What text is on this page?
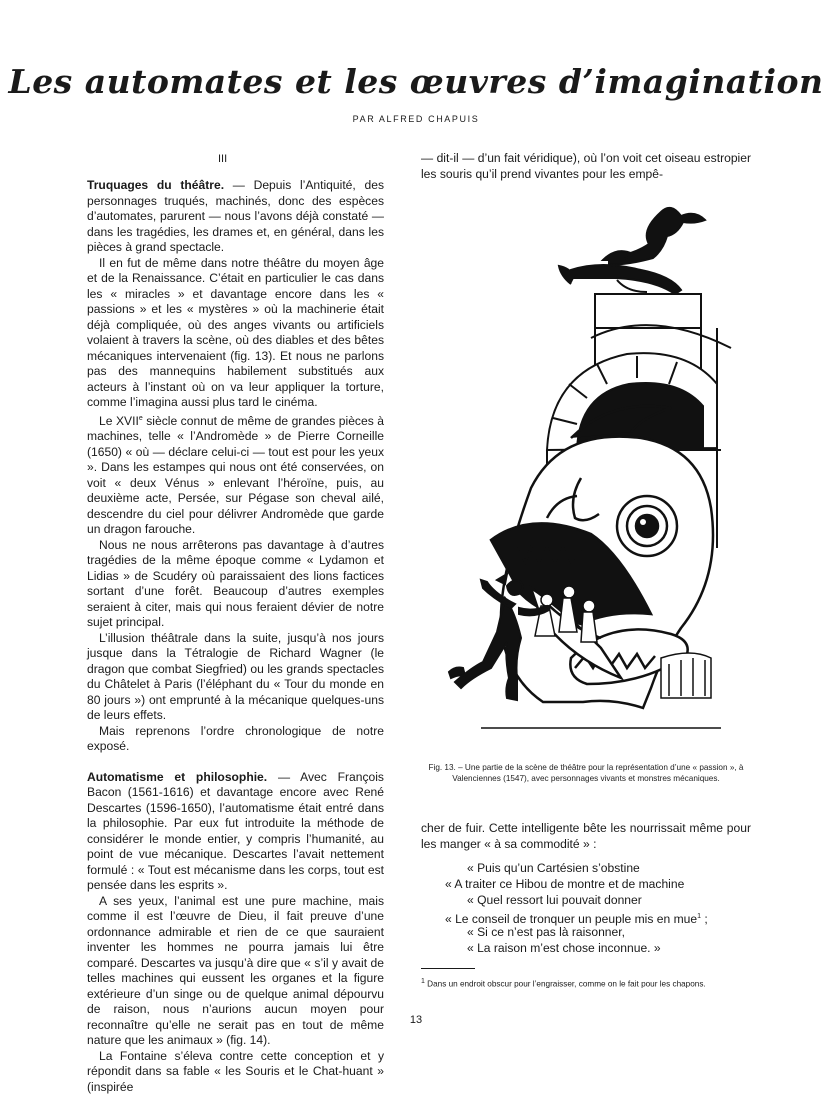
Les automates et les œuvres d’imagination
PAR ALFRED CHAPUIS
III

Truquages du théâtre. — Depuis l’Antiquité, des personnages truqués, machinés, donc des espèces d’automates, parurent — nous l’avons déjà constaté — dans les tragédies, les drames et, en général, dans les pièces à grand spectacle.

Il en fut de même dans notre théâtre du moyen âge et de la Renaissance. C’était en particulier le cas dans les « miracles » et davantage encore dans les « passions » et les « mystères » où la machinerie était déjà compliquée, où des anges vivants ou artificiels volaient à travers la scène, où des diables et des bêtes mécaniques intervenaient (fig. 13). Et nous ne parlons pas des mannequins habilement substitués aux acteurs à l’instant où on va leur appliquer la torture, comme l’imagina aussi plus tard le cinéma.

Le XVIIe siècle connut de même de grandes pièces à machines, telle « l’Andromède » de Pierre Corneille (1650) « où — déclare celui-ci — tout est pour les yeux ». Dans les estampes qui nous ont été conservées, on voit « deux Vénus » enlevant l’héroïne, puis, au deuxième acte, Persée, sur Pégase son cheval ailé, descendre du ciel pour délivrer Andromède que garde un dragon farouche.

Nous ne nous arrêterons pas davantage à d’autres tragédies de la même époque comme « Lydamon et Lidias » de Scudéry où paraissaient des lions factices sortant d’une forêt. Beaucoup d’autres exemples seraient à citer, mais qui nous feraient dévier de notre sujet principal.

L’illusion théâtrale dans la suite, jusqu’à nos jours jusque dans la Tétralogie de Richard Wagner (le dragon que combat Siegfried) ou les grands spectacles du Châtelet à Paris (l’éléphant du « Tour du monde en 80 jours ») ont emprunté à la mécanique quelques-uns de leurs effets.

Mais reprenons l’ordre chronologique de notre exposé.

Automatisme et philosophie. — Avec François Bacon (1561-1616) et davantage encore avec René Descartes (1596-1650), l’automatisme était entré dans la philosophie. Par eux fut introduite la méthode de considérer le monde entier, y compris l’humanité, au point de vue mécanique. Descartes l’avait nettement formulé : « Tout est mécanisme dans les corps, tout est pensée dans les esprits ».

A ses yeux, l’animal est une pure machine, mais comme il est l’œuvre de Dieu, il fait preuve d’une ordonnance admirable et rien de ce que sauraient inventer les hommes ne pourra jamais lui être comparé. Descartes va jusqu’à dire que « s’il y avait de telles machines qui eussent les organes et la figure extérieure d’un singe ou de quelque animal dépourvu de raison, nous n’aurions aucun moyen pour reconnaître qu’elle ne serait pas en tout de même nature que les animaux » (fig. 14).

La Fontaine s’éleva contre cette conception et y répondit dans sa fable « les Souris et le Chat-huant » (inspirée

— dit-il — d’un fait véridique), où l’on voit cet oiseau estropier les souris qu’il prend vivantes pour les empê-

Fig. 13. – Une partie de la scène de théâtre pour la représentation d’une « passion », à Valenciennes (1547), avec personnages vivants et monstres mécaniques.

cher de fuir. Cette intelligente bête les nourrissait même pour les manger « à sa commodité » :

« Puis qu’un Cartésien s’obstine
« A traiter ce Hibou de montre et de machine
« Quel ressort lui pouvait donner
« Le conseil de tronquer un peuple mis en mue$^1$ ;
« Si ce n’est pas là raisonner,
« La raison m’est chose inconnue. »
$^1$ Dans un endroit obscur pour l’engraisser, comme on le fait pour les chapons.
13
